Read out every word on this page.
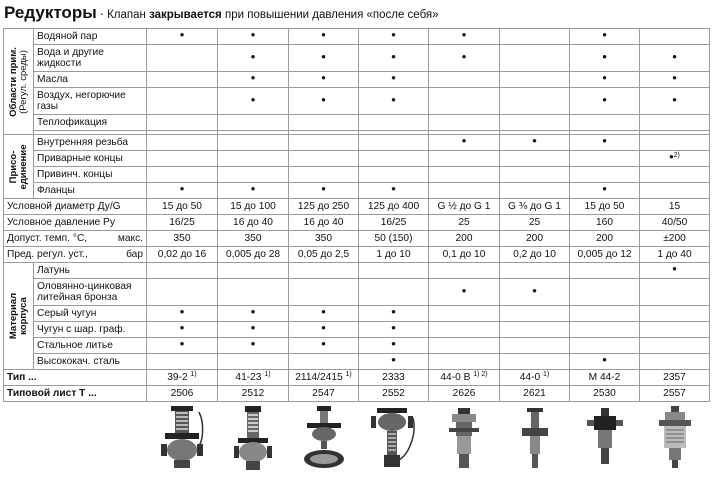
Редукторы · Клапан закрывается при повышении давления «после себя»
Области прим. (Регул. среды)	Водяной пар	•	•	•	•	•		•	
	Вода и другие жидкости		•	•	•	•		•	•
	Масла		•	•	•			•	•
	Воздух, негорючие газы		•	•	•			•	•
	Теплофикация								

Присо- единение	Внутренняя резьба					•	•	•	
	Приварные концы								•$^{2)}$
	Привинч. концы								
	Фланцы	•	•	•	•			•	
Условной диаметр Ду/G		15 до 50	15 до 100	125 до 250	125 до 400	G ½ до G 1	G ⅜ до G 1	15 до 50	15
Условное давление Ру		16/25	16 до 40	16 до 40	16/25	25	25	160	40/50
Допуст. темп. °С, макс.		350	350	350	50 (150)	200	200	200	±200
Пред. регул. уст., бар		0,02 до 16	0,005 до 28	0,05 до 2,5	1 до 10	0,1 до 10	0,2 до 10	0,005 до 12	1 до 40

Материал корпуса	Латунь								•
	Оловянно-цинковая литейная бронза					•	•		
	Серый чугун	•	•	•	•				
	Чугун с шар. граф.	•	•	•	•				
	Стальное литье	•	•	•	•				
	Высококач. сталь				•			•	
Тип ...		39-2 $^{1)}$	41-23 $^{1)}$	2114/2415 $^{1)}$	2333	44-0 B $^{1) 2)}$	44-0 $^{1)}$	M 44-2	2357
Типовой лист Т ...		2506	2512	2547	2552	2626	2621	2530	2557
